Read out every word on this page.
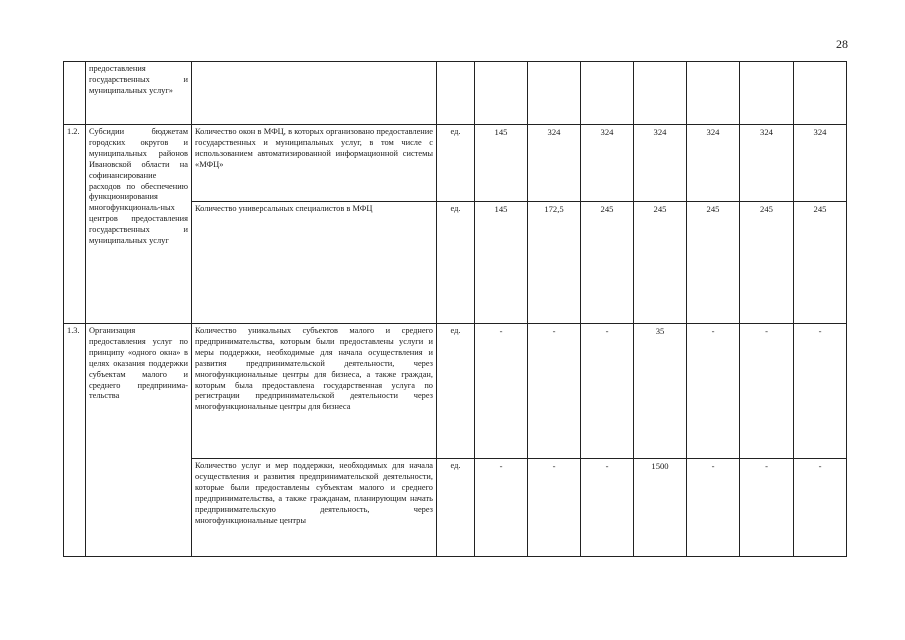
28

	предоставления государственных и муниципальных услуг»									

1.2.	Субсидии бюджетам городских округов и муниципальных районов Ивановской области на софинансирование расходов по обеспечению функционирования многофункциональ-ных центров предоставления государственных и муниципальных услуг	Количество окон в МФЦ, в которых организовано предоставление государственных и муниципальных услуг, в том числе с использованием автоматизированной информационной системы «МФЦ»	ед.	145	324	324	324	324	324	324

		Количество универсальных специалистов в МФЦ	ед.	145	172,5	245	245	245	245	245
1.3.	Организация предоставления услуг по принципу «одного окна» в целях оказания поддержки субъектам малого и среднего предпринима-тельства	Количество уникальных субъектов малого и среднего предпринимательства, которым были предоставлены услуги и меры поддержки, необходимые для начала осуществления и развития предпринимательской деятельности, через многофункциональные центры для бизнеса, а также граждан, которым была предоставлена государственная услуга по регистрации предпринимательской деятельности через многофункциональные центры для бизнеса	ед.	-	-	-	35	-	-	-

		Количество услуг и мер поддержки, необходимых для начала осуществления и развития предпринимательской деятельности, которые были предоставлены субъектам малого и среднего предпринимательства, а также гражданам, планирующим начать предпринимательскую деятельность, через многофункциональные центры	ед.	-	-	-	1500	-	-	-
